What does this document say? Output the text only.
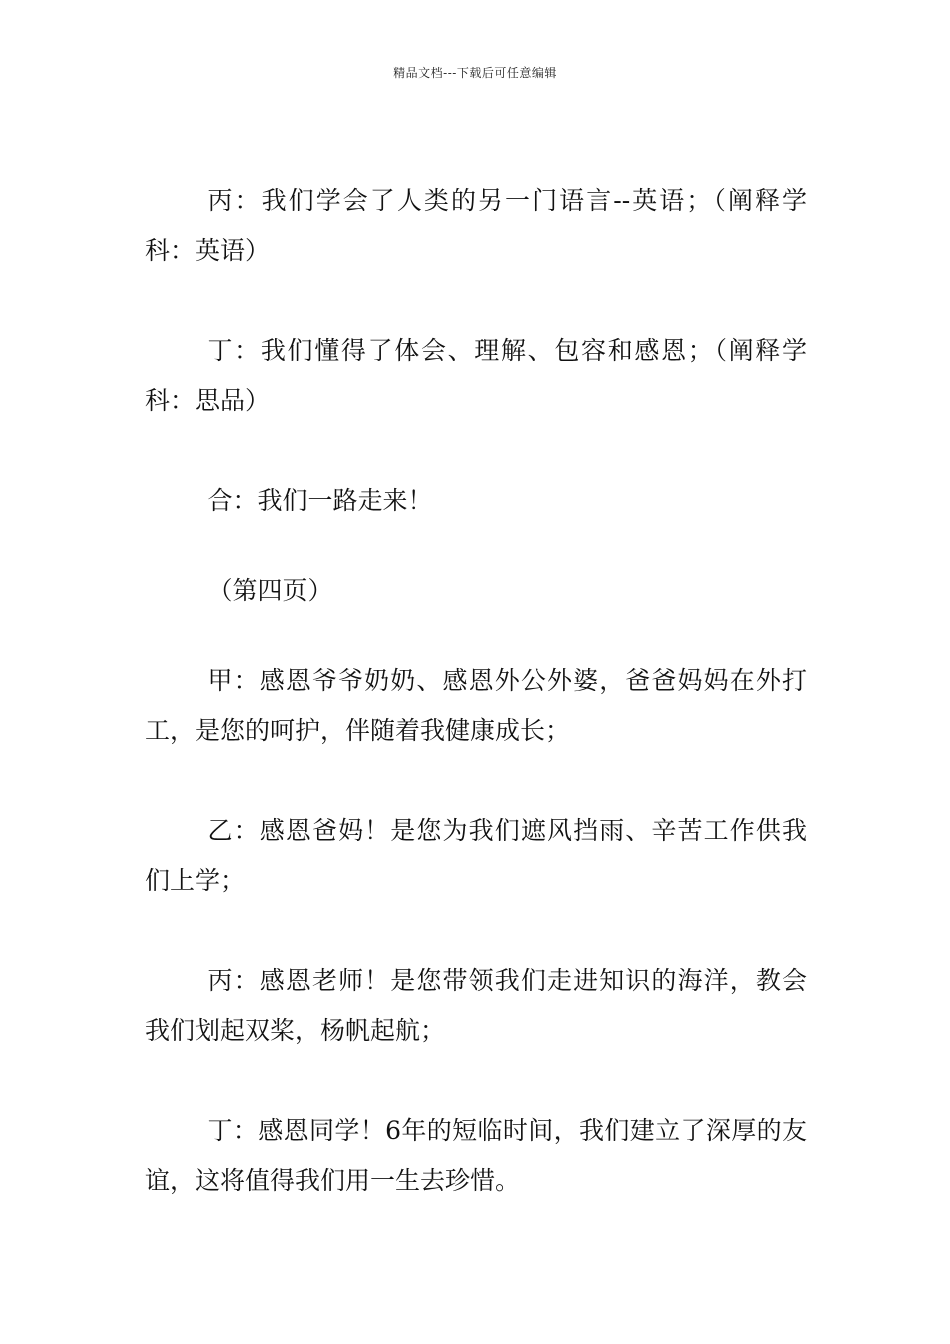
精品文档---下载后可任意编辑

丙：我们学会了人类的另一门语言--英语；（阐释学科：英语）

丁：我们懂得了体会、理解、包容和感恩；（阐释学科：思品）

合：我们一路走来！

（第四页）

甲：感恩爷爷奶奶、感恩外公外婆，爸爸妈妈在外打工，是您的呵护，伴随着我健康成长；

乙：感恩爸妈！是您为我们遮风挡雨、辛苦工作供我们上学；

丙：感恩老师！是您带领我们走进知识的海洋，教会我们划起双桨，杨帆起航；

丁：感恩同学！6年的短临时间，我们建立了深厚的友谊，这将值得我们用一生去珍惜。
